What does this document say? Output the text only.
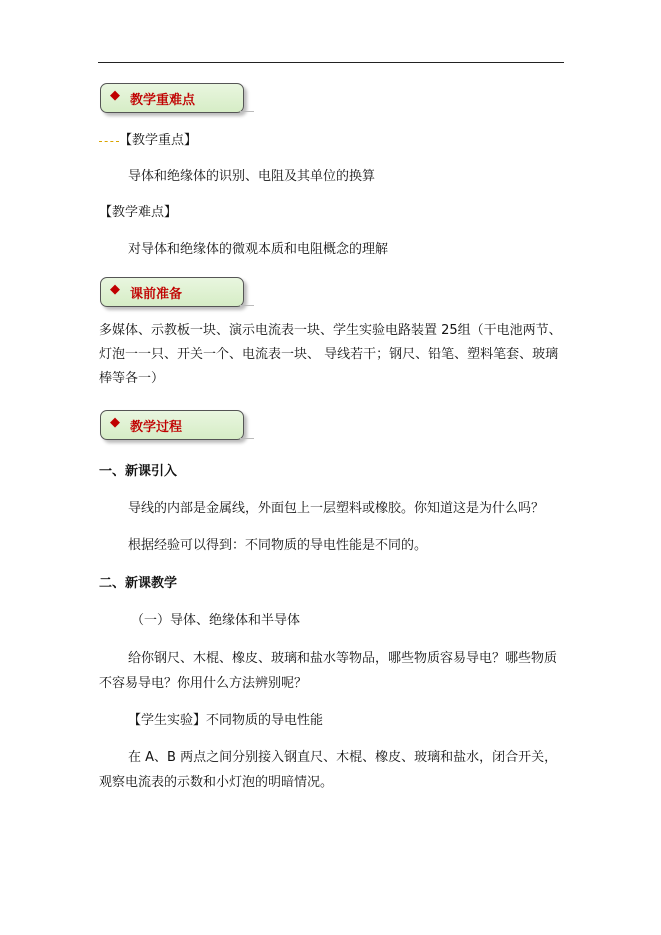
◆ 教学重难点
【教学重点】
导体和绝缘体的识别、电阻及其单位的换算
【教学难点】
对导体和绝缘体的微观本质和电阻概念的理解
◆ 课前准备
多媒体、示教板一块、演示电流表一块、学生实验电路装置 25组（干电池两节、
灯泡一一只、开关一个、电流表一块、 导线若干；钢尺、铅笔、塑料笔套、玻璃
棒等各一）
◆ 教学过程
一、新课引入
导线的内部是金属线，外面包上一层塑料或橡胶。你知道这是为什么吗？
根据经验可以得到：不同物质的导电性能是不同的。
二、新课教学
（一）导体、绝缘体和半导体
给你钢尺、木棍、橡皮、玻璃和盐水等物品，哪些物质容易导电？哪些物质
不容易导电？你用什么方法辨别呢？
【学生实验】不同物质的导电性能
在 A、B 两点之间分别接入钢直尺、木棍、橡皮、玻璃和盐水，闭合开关，
观察电流表的示数和小灯泡的明暗情况。
